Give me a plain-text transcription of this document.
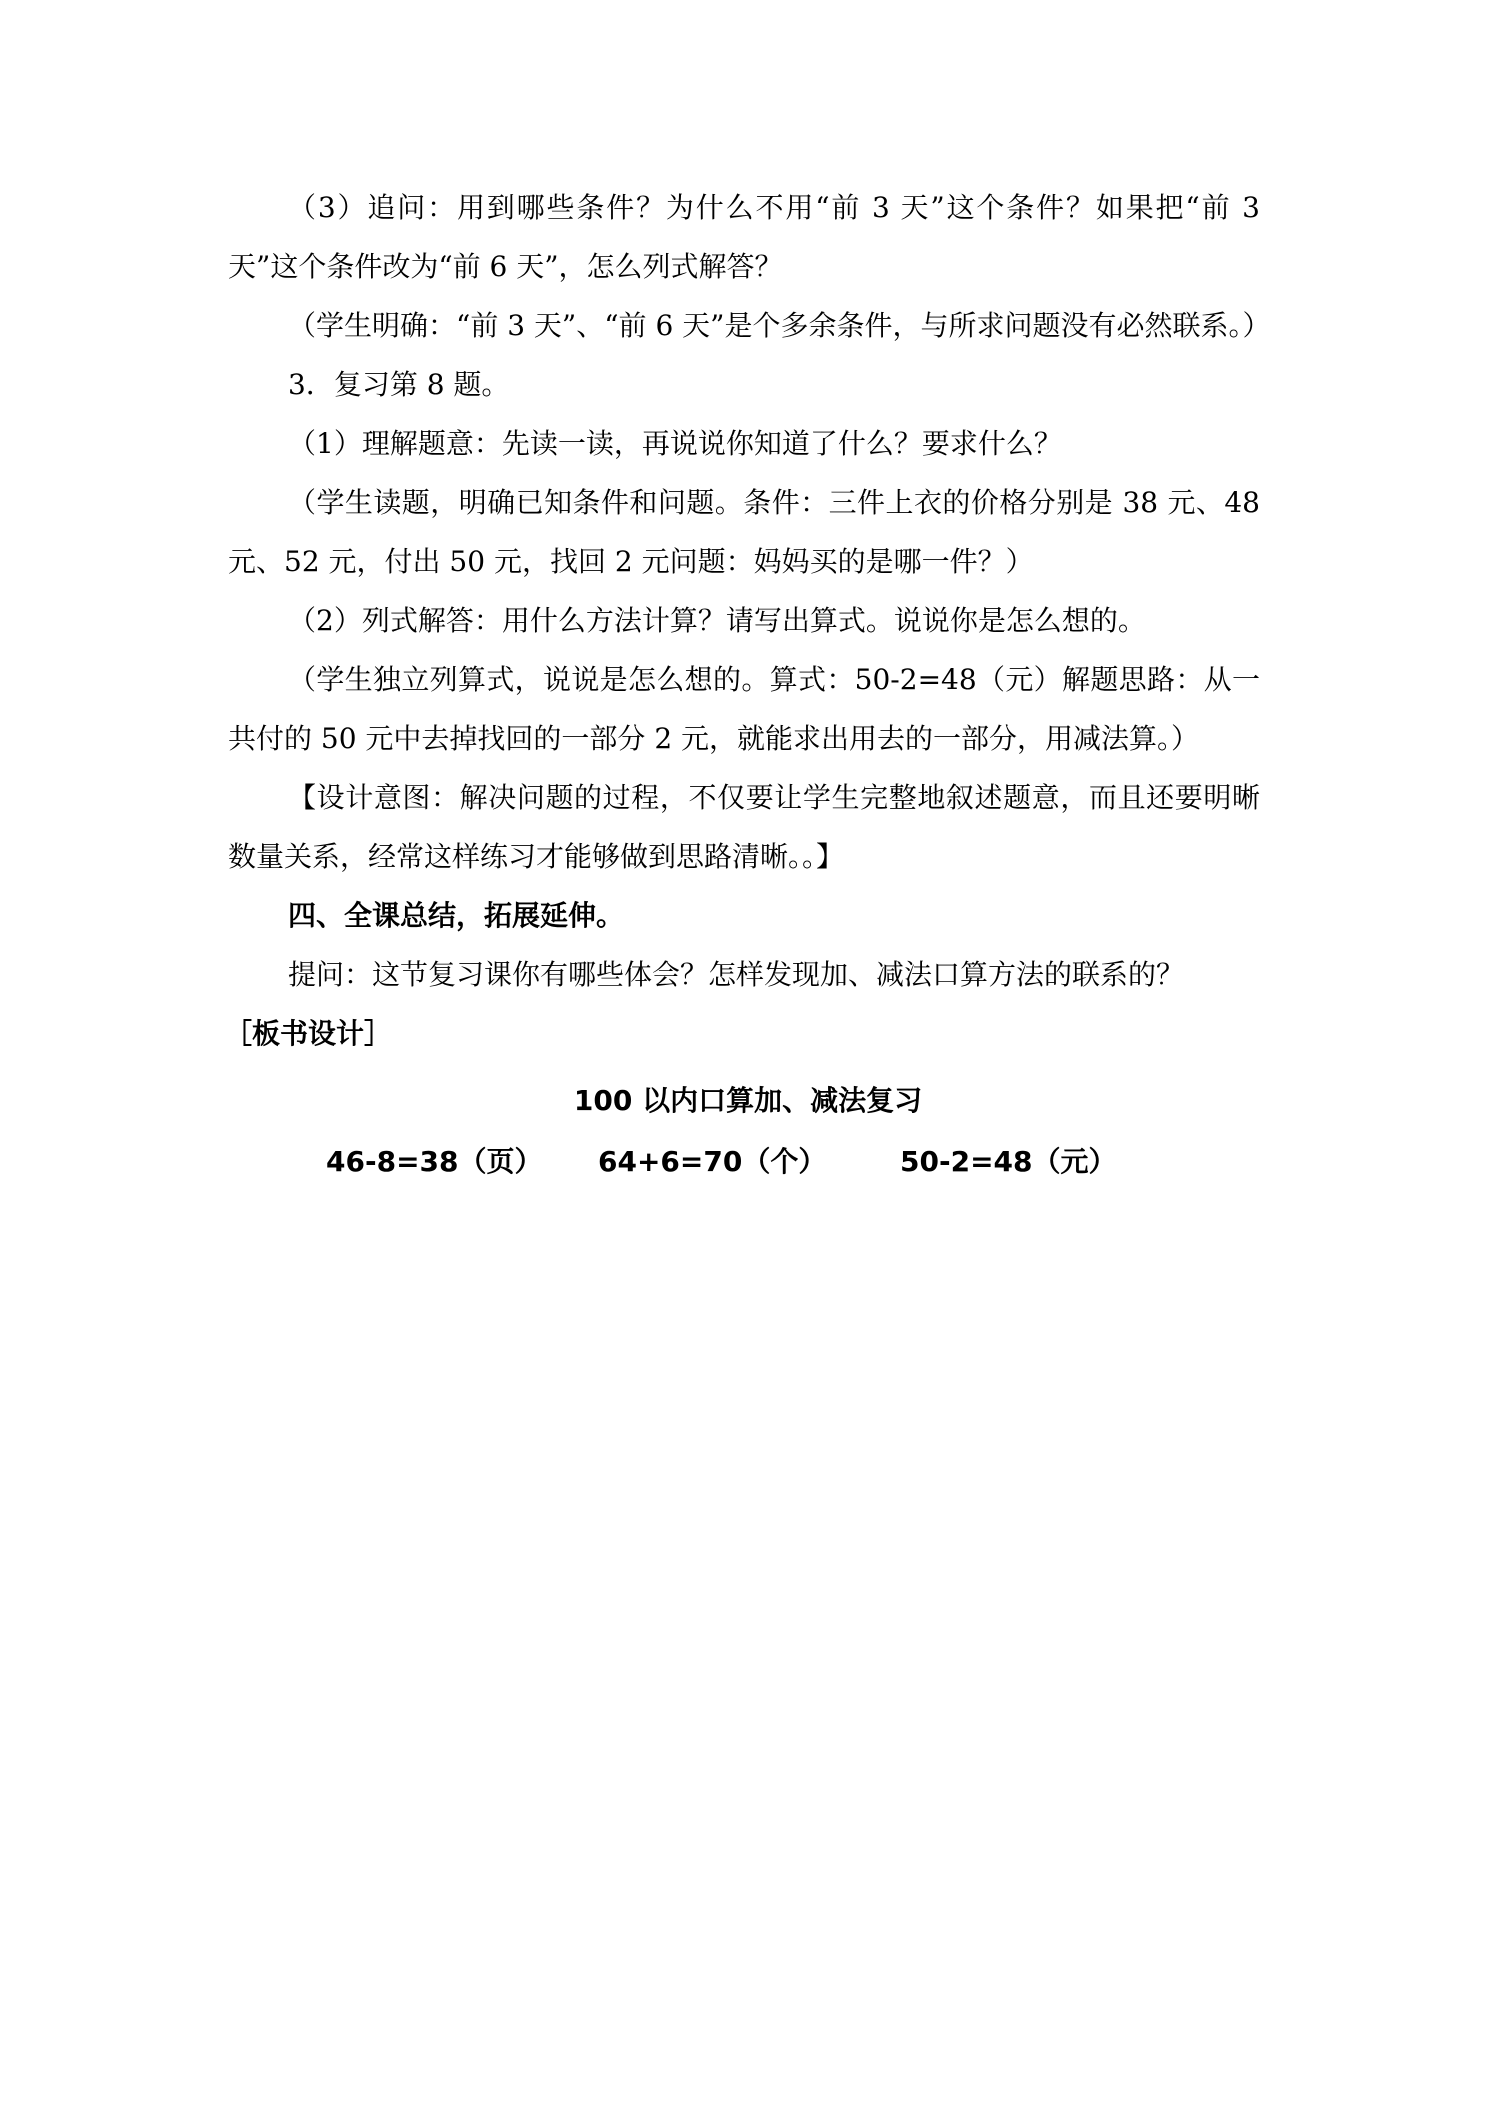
（3）追问：用到哪些条件？为什么不用“前 3 天”这个条件？如果把“前 3 天”这个条件改为“前 6 天”，怎么列式解答？

（学生明确：“前 3 天”、“前 6 天”是个多余条件，与所求问题没有必然联系。）

3．复习第 8 题。

（1）理解题意：先读一读，再说说你知道了什么？要求什么？

（学生读题，明确已知条件和问题。条件：三件上衣的价格分别是 38 元、48 元、52 元，付出 50 元，找回 2 元问题：妈妈买的是哪一件？）

（2）列式解答：用什么方法计算？请写出算式。说说你是怎么想的。

（学生独立列算式，说说是怎么想的。算式：50-2=48（元）解题思路：从一共付的 50 元中去掉找回的一部分 2 元，就能求出用去的一部分，用减法算。）

【设计意图：解决问题的过程，不仅要让学生完整地叙述题意，而且还要明晰数量关系，经常这样练习才能够做到思路清晰。。】

四、全课总结，拓展延伸。

提问：这节复习课你有哪些体会？怎样发现加、减法口算方法的联系的？

［板书设计］

100 以内口算加、减法复习

46-8=38（页）	64+6=70（个）	50-2=48（元）
